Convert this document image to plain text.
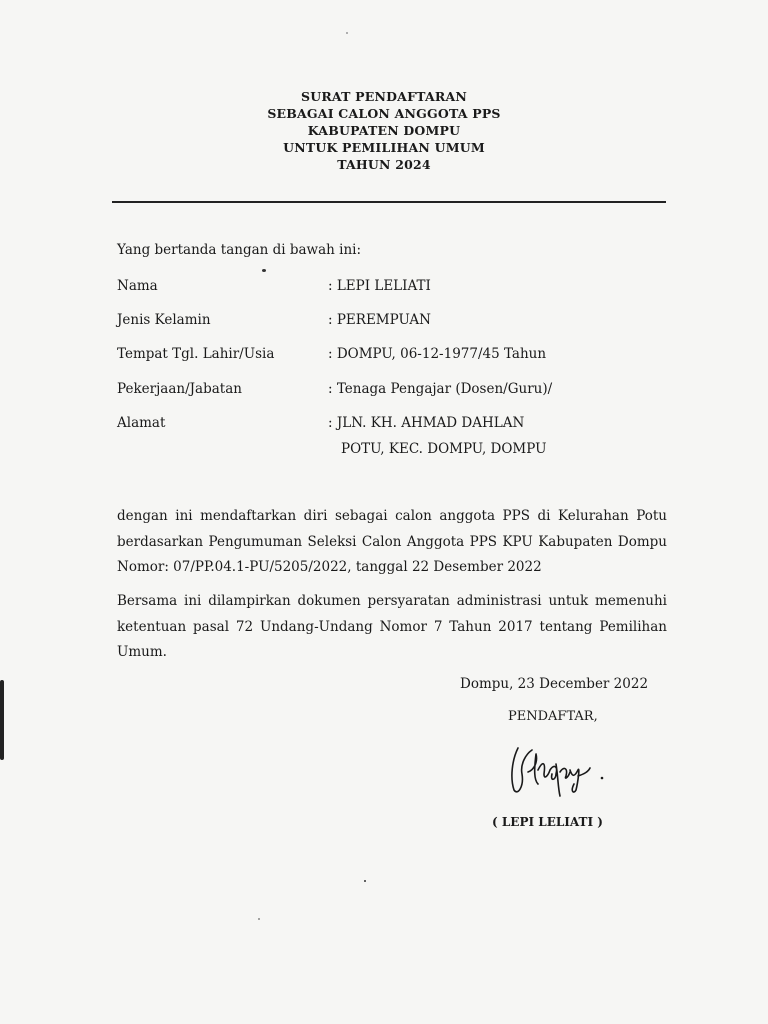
SURAT PENDAFTARAN
SEBAGAI CALON ANGGOTA PPS
KABUPATEN DOMPU
UNTUK PEMILIHAN UMUM
TAHUN 2024
Yang bertanda tangan di bawah ini:
Nama	: LEPI LELIATI
Jenis Kelamin	: PEREMPUAN
Tempat Tgl. Lahir/Usia	: DOMPU, 06-12-1977/45 Tahun
Pekerjaan/Jabatan	: Tenaga Pengajar (Dosen/Guru)/
Alamat	: JLN. KH. AHMAD DAHLAN
POTU, KEC. DOMPU, DOMPU
dengan ini mendaftarkan diri sebagai calon anggota PPS di Kelurahan Potu
berdasarkan Pengumuman Seleksi Calon Anggota PPS KPU Kabupaten Dompu
Nomor: 07/PP.04.1-PU/5205/2022, tanggal 22 Desember 2022
Bersama ini dilampirkan dokumen persyaratan administrasi untuk memenuhi
ketentuan pasal 72 Undang-Undang Nomor 7 Tahun 2017 tentang Pemilihan
Umum.
Dompu, 23 December 2022
PENDAFTAR,
( LEPI LELIATI )
